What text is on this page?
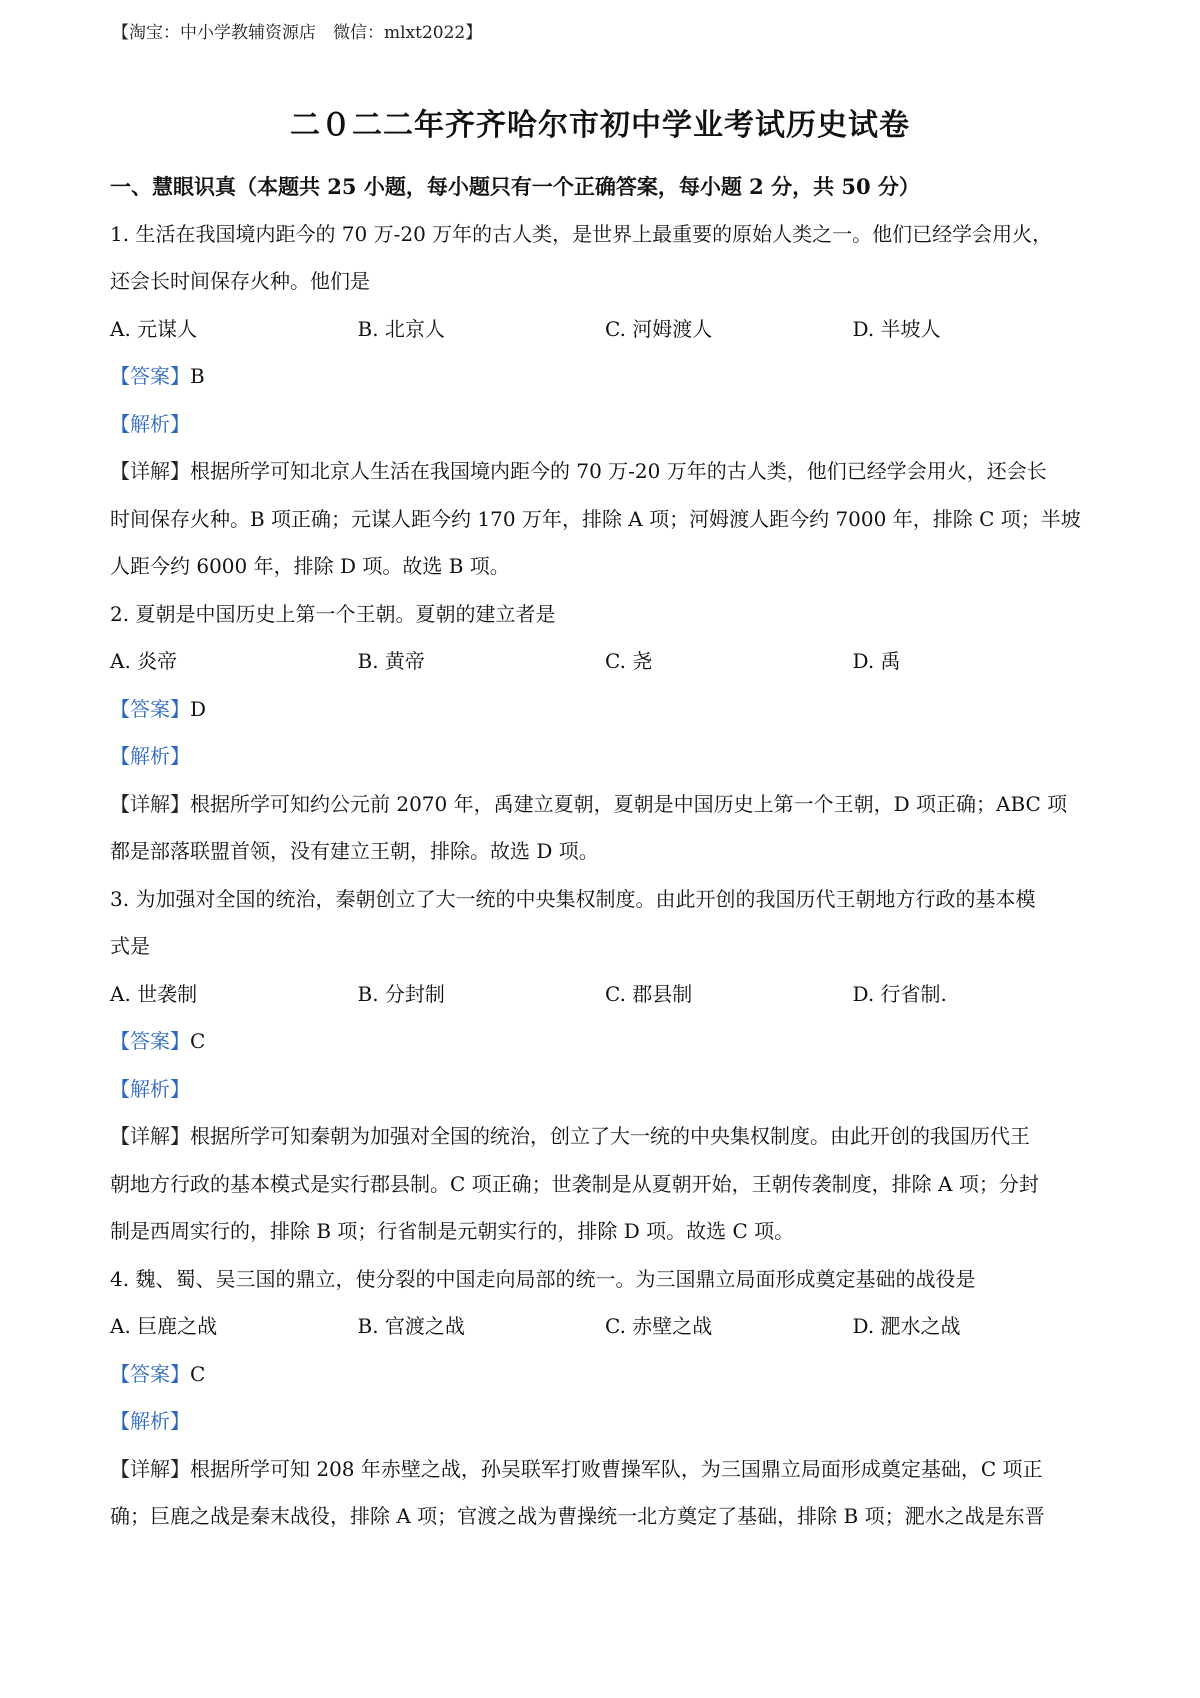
【淘宝：中小学教辅资源店　微信：mlxt2022】
二０二二年齐齐哈尔市初中学业考试历史试卷
一、慧眼识真（本题共 25 小题，每小题只有一个正确答案，每小题 2 分，共 50 分）
1. 生活在我国境内距今的 70 万-20 万年的古人类，是世界上最重要的原始人类之一。他们已经学会用火，
还会长时间保存火种。他们是
A. 元谋人	B. 北京人	C. 河姆渡人	D. 半坡人
【答案】B
【解析】
【详解】根据所学可知北京人生活在我国境内距今的 70 万-20 万年的古人类，他们已经学会用火，还会长
时间保存火种。B 项正确；元谋人距今约 170 万年，排除 A 项；河姆渡人距今约 7000 年，排除 C 项；半坡
人距今约 6000 年，排除 D 项。故选 B 项。
2. 夏朝是中国历史上第一个王朝。夏朝的建立者是
A. 炎帝	B. 黄帝	C. 尧	D. 禹
【答案】D
【解析】
【详解】根据所学可知约公元前 2070 年，禹建立夏朝，夏朝是中国历史上第一个王朝，D 项正确；ABC 项
都是部落联盟首领，没有建立王朝，排除。故选 D 项。
3. 为加强对全国的统治，秦朝创立了大一统的中央集权制度。由此开创的我国历代王朝地方行政的基本模
式是
A. 世袭制	B. 分封制	C. 郡县制	D. 行省制.
【答案】C
【解析】
【详解】根据所学可知秦朝为加强对全国的统治，创立了大一统的中央集权制度。由此开创的我国历代王
朝地方行政的基本模式是实行郡县制。C 项正确；世袭制是从夏朝开始，王朝传袭制度，排除 A 项；分封
制是西周实行的，排除 B 项；行省制是元朝实行的，排除 D 项。故选 C 项。
4. 魏、蜀、吴三国的鼎立，使分裂的中国走向局部的统一。为三国鼎立局面形成奠定基础的战役是
A. 巨鹿之战	B. 官渡之战	C. 赤壁之战	D. 淝水之战
【答案】C
【解析】
【详解】根据所学可知 208 年赤壁之战，孙吴联军打败曹操军队，为三国鼎立局面形成奠定基础，C 项正
确；巨鹿之战是秦末战役，排除 A 项；官渡之战为曹操统一北方奠定了基础，排除 B 项；淝水之战是东晋
